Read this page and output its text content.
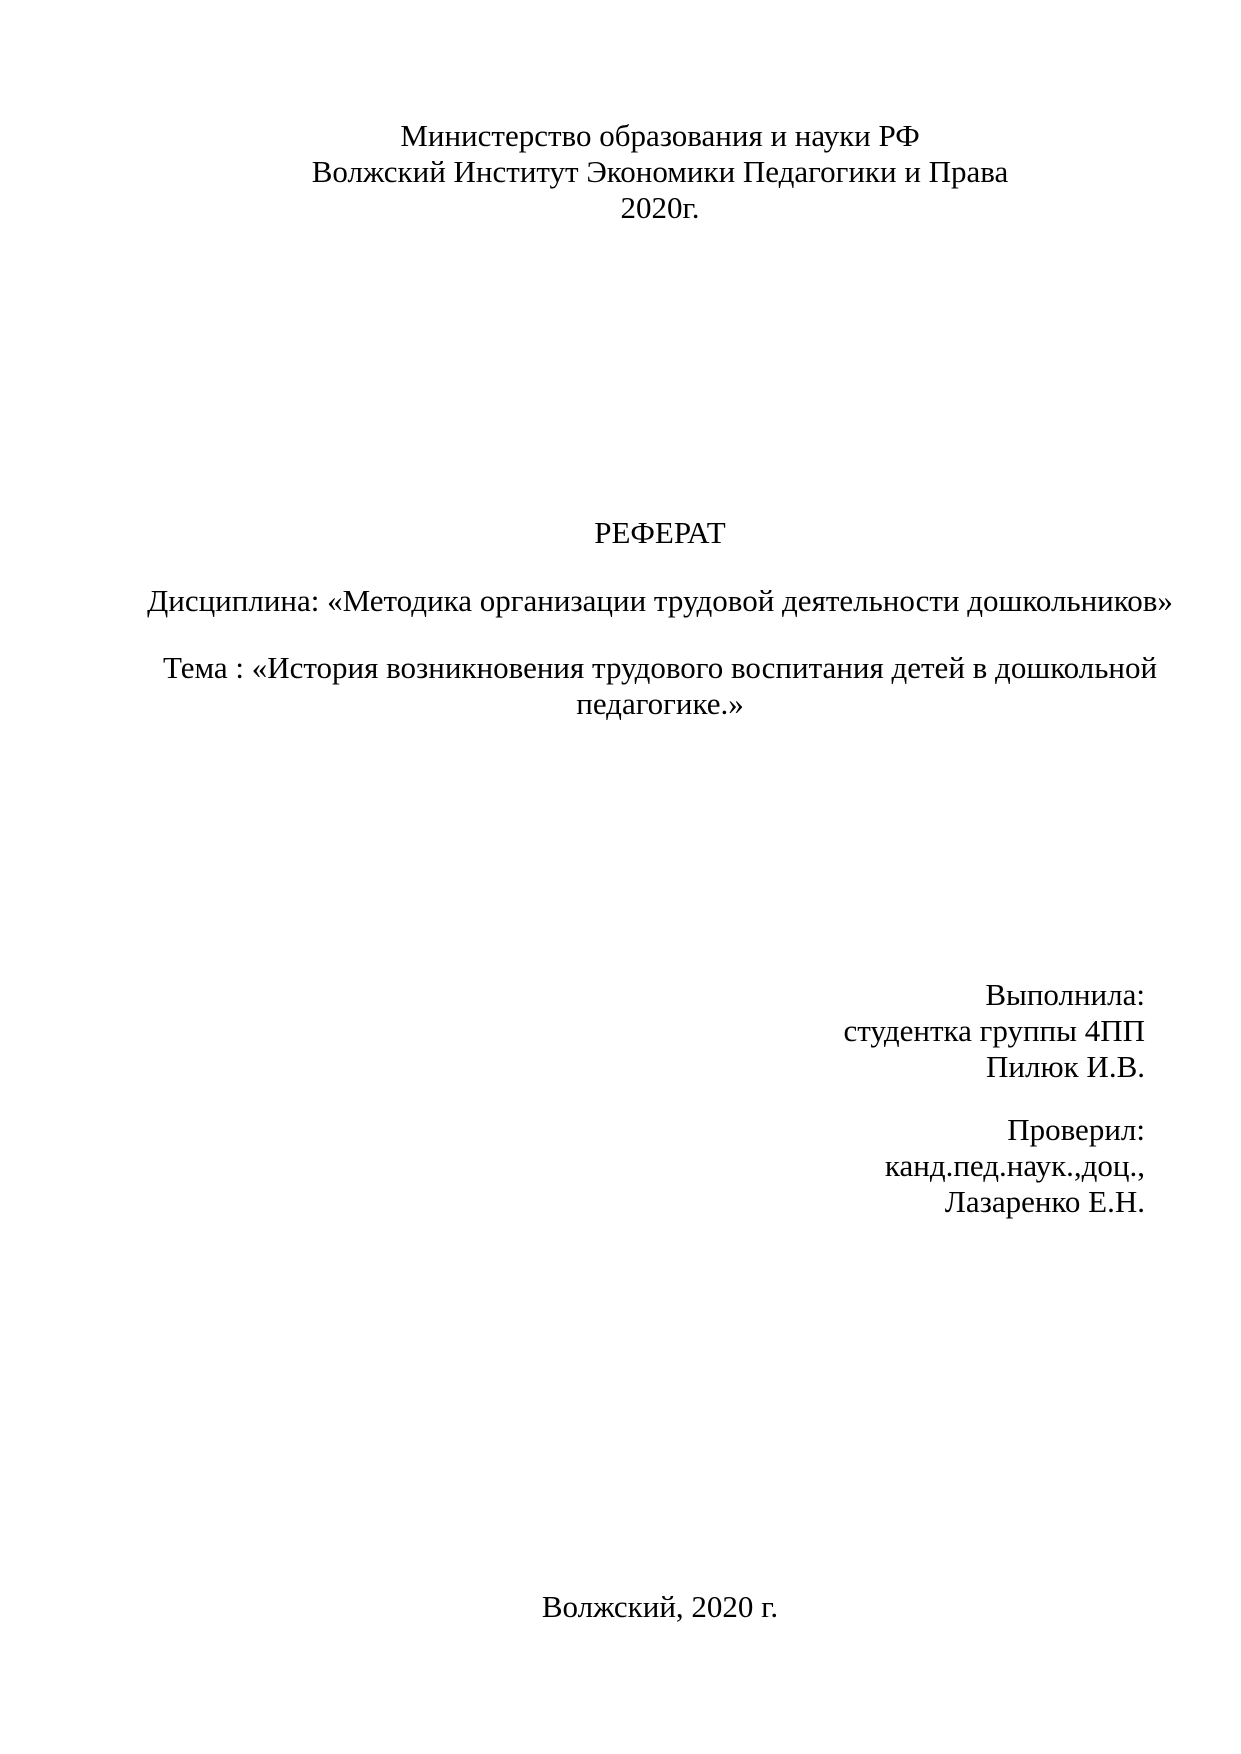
Министерство образования и науки РФ
Волжский Институт Экономики Педагогики и Права
2020г.
РЕФЕРАТ
Дисциплина: «Методика организации трудовой деятельности дошкольников»
Тема : «История возникновения трудового воспитания детей в дошкольной
педагогике.»
Выполнила:
студентка группы 4ПП
Пилюк И.В.
Проверил:
канд.пед.наук.,доц.,
Лазаренко Е.Н.
Волжский, 2020 г.
